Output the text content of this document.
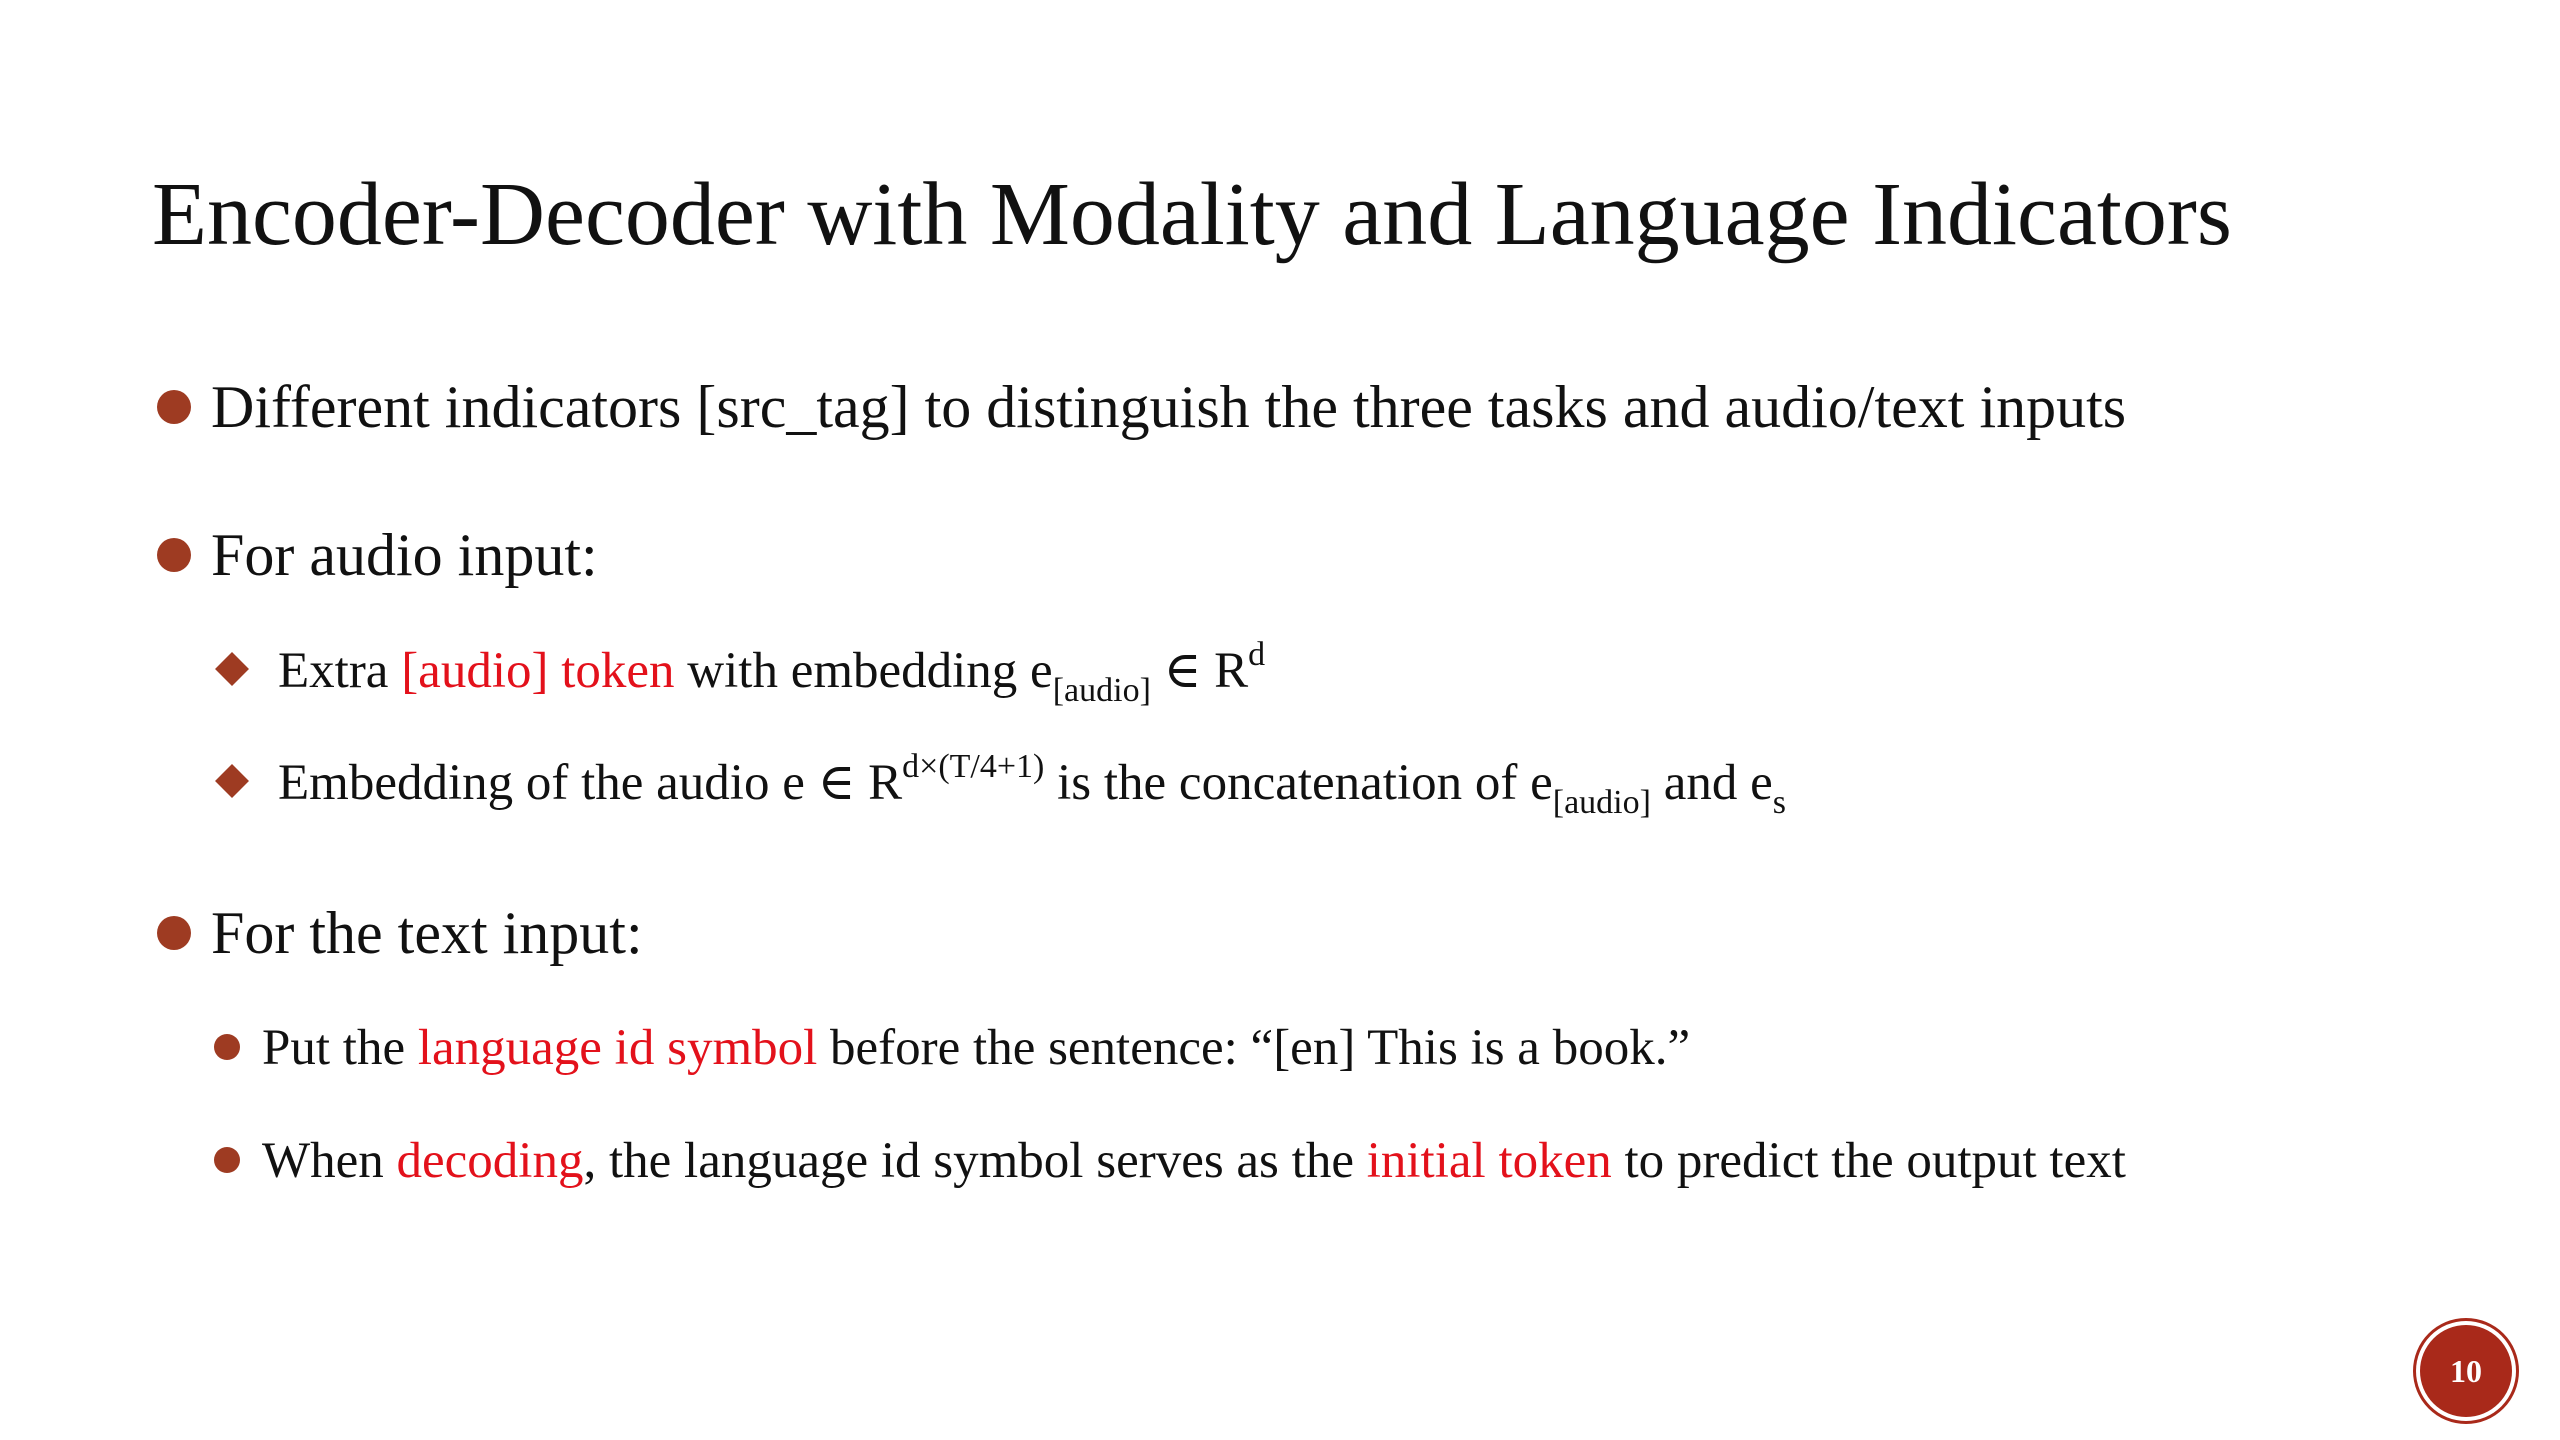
Encoder-Decoder with Modality and Language Indicators
Different indicators [src_tag] to distinguish the three tasks and audio/text inputs
For audio input:
Extra [audio] token with embedding $e_{[audio]}$ ∈ $R^d$
Embedding of the audio e ∈ $R^{d\times(T/4+1)}$ is the concatenation of $e_{[audio]}$ and $e_s$
For the text input:
Put the language id symbol before the sentence: “[en] This is a book.”
When decoding, the language id symbol serves as the initial token to predict the output text
10
